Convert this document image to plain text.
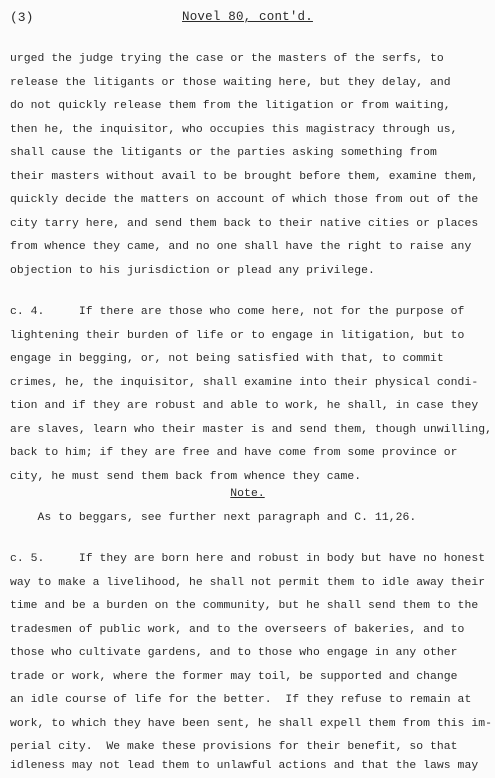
(3)	Novel 80, cont'd.
urged the judge trying the case or the masters of the serfs, to
release the litigants or those waiting here, but they delay, and
do not quickly release them from the litigation or from waiting,
then he, the inquisitor, who occupies this magistracy through us,
shall cause the litigants or the parties asking something from
their masters without avail to be brought before them, examine them,
quickly decide the matters on account of which those from out of the
city tarry here, and send them back to their native cities or places
from whence they came, and no one shall have the right to raise any
objection to his jurisdiction or plead any privilege.
c. 4.     If there are those who come here, not for the purpose of
lightening their burden of life or to engage in litigation, but to
engage in begging, or, not being satisfied with that, to commit
crimes, he, the inquisitor, shall examine into their physical condi-
tion and if they are robust and able to work, he shall, in case they
are slaves, learn who their master is and send them, though unwilling,
back to him; if they are free and have come from some province or
city, he must send them back from whence they came.
Note.
As to beggars, see further next paragraph and C. 11,26.
c. 5.     If they are born here and robust in body but have no honest
way to make a livelihood, he shall not permit them to idle away their
time and be a burden on the community, but he shall send them to the
tradesmen of public work, and to the overseers of bakeries, and to
those who cultivate gardens, and to those who engage in any other
trade or work, where the former may toil, be supported and change
an idle course of life for the better.  If they refuse to remain at
work, to which they have been sent, he shall expell them from this im-
perial city.  We make these provisions for their benefit, so that
idleness may not lead them to unlawful actions and that the laws may
